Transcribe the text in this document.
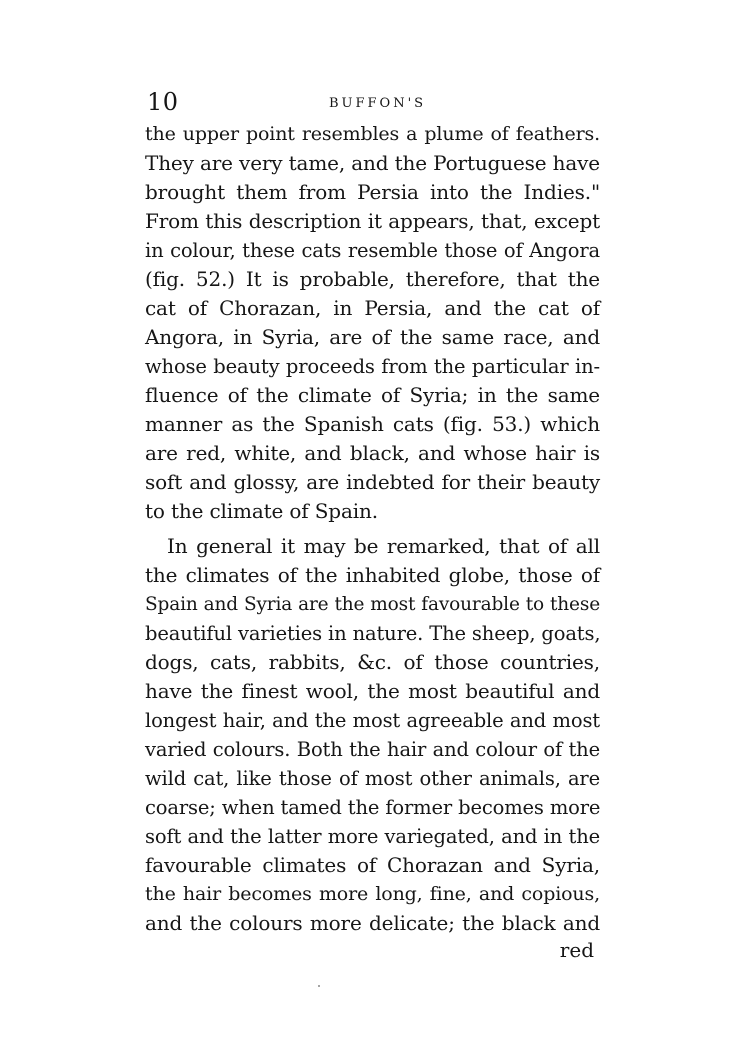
10	BUFFON'S
the upper point resembles a plume of feathers.
They are very tame, and the Portuguese have
brought them from Persia into the Indies."
From this description it appears, that, except
in colour, these cats resemble those of Angora
(fig. 52.) It is probable, therefore, that the
cat of Chorazan, in Persia, and the cat of
Angora, in Syria, are of the same race, and
whose beauty proceeds from the particular in-
fluence of the climate of Syria; in the same
manner as the Spanish cats (fig. 53.) which
are red, white, and black, and whose hair is
soft and glossy, are indebted for their beauty
to the climate of Spain.
In general it may be remarked, that of all
the climates of the inhabited globe, those of
Spain and Syria are the most favourable to these
beautiful varieties in nature. The sheep, goats,
dogs, cats, rabbits, &c. of those countries,
have the finest wool, the most beautiful and
longest hair, and the most agreeable and most
varied colours. Both the hair and colour of the
wild cat, like those of most other animals, are
coarse; when tamed the former becomes more
soft and the latter more variegated, and in the
favourable climates of Chorazan and Syria,
the hair becomes more long, fine, and copious,
and the colours more delicate; the black and
red
